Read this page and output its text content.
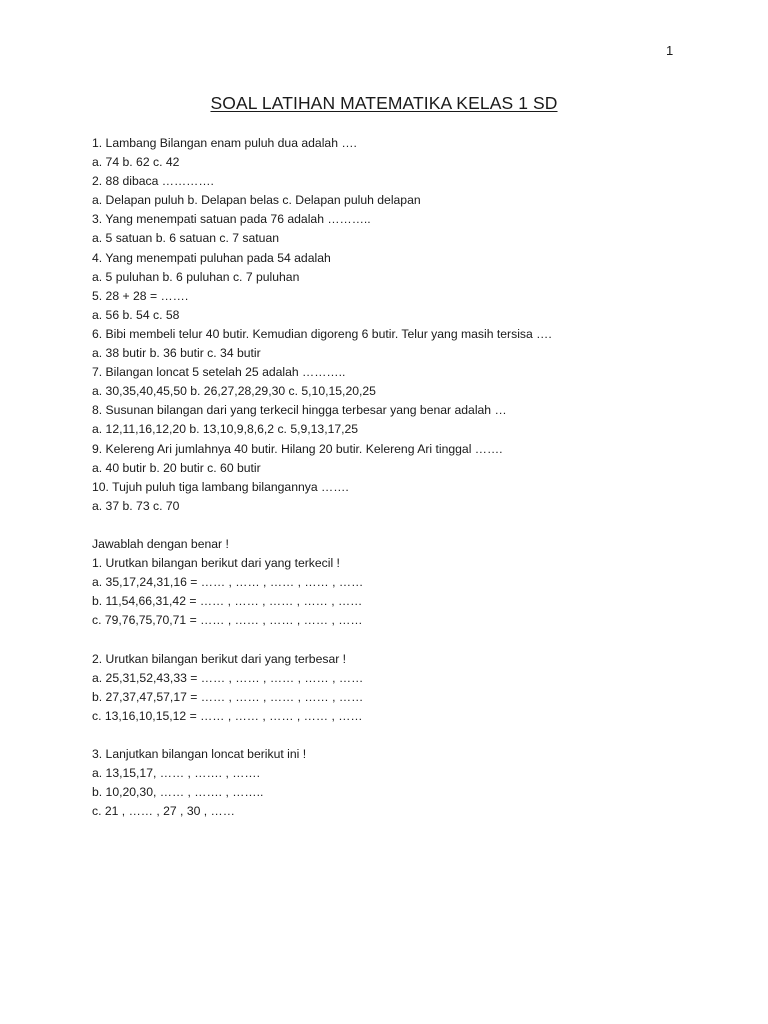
1
SOAL LATIHAN MATEMATIKA KELAS 1 SD
1. Lambang Bilangan enam puluh dua adalah ….
a. 74 b. 62 c. 42
2. 88 dibaca ………….
a. Delapan puluh b. Delapan belas c. Delapan puluh delapan
3. Yang menempati satuan pada 76 adalah ………..
a. 5 satuan b. 6 satuan c. 7 satuan
4. Yang menempati puluhan pada 54 adalah
a. 5 puluhan b. 6 puluhan c. 7 puluhan
5. 28 + 28 = …….
a. 56 b. 54 c. 58
6. Bibi membeli telur 40 butir. Kemudian digoreng 6 butir. Telur yang masih tersisa ….
a. 38 butir b. 36 butir c. 34 butir
7. Bilangan loncat 5 setelah 25 adalah ………..
a. 30,35,40,45,50 b. 26,27,28,29,30 c. 5,10,15,20,25
8. Susunan bilangan dari yang terkecil hingga terbesar yang benar adalah …
a. 12,11,16,12,20 b. 13,10,9,8,6,2 c. 5,9,13,17,25
9. Kelereng Ari jumlahnya 40 butir. Hilang 20 butir. Kelereng Ari tinggal …….
a. 40 butir b. 20 butir c. 60 butir
10. Tujuh puluh tiga lambang bilangannya …….
a. 37 b. 73 c. 70
Jawablah dengan benar !
1. Urutkan bilangan berikut dari yang terkecil !
a. 35,17,24,31,16 = …… , …… , …… , …… , ……
b. 11,54,66,31,42 = …… , …… , …… , …… , ……
c. 79,76,75,70,71 = …… , …… , …… , …… , ……
2. Urutkan bilangan berikut dari yang terbesar !
a. 25,31,52,43,33 = …… , …… , …… , …… , ……
b. 27,37,47,57,17 = …… , …… , …… , …… , ……
c. 13,16,10,15,12 = …… , …… , …… , …… , ……
3. Lanjutkan bilangan loncat berikut ini !
a. 13,15,17, …… , ……. , …….
b. 10,20,30, …… , ……. , ……..
c. 21 , …… , 27 , 30 , ……
